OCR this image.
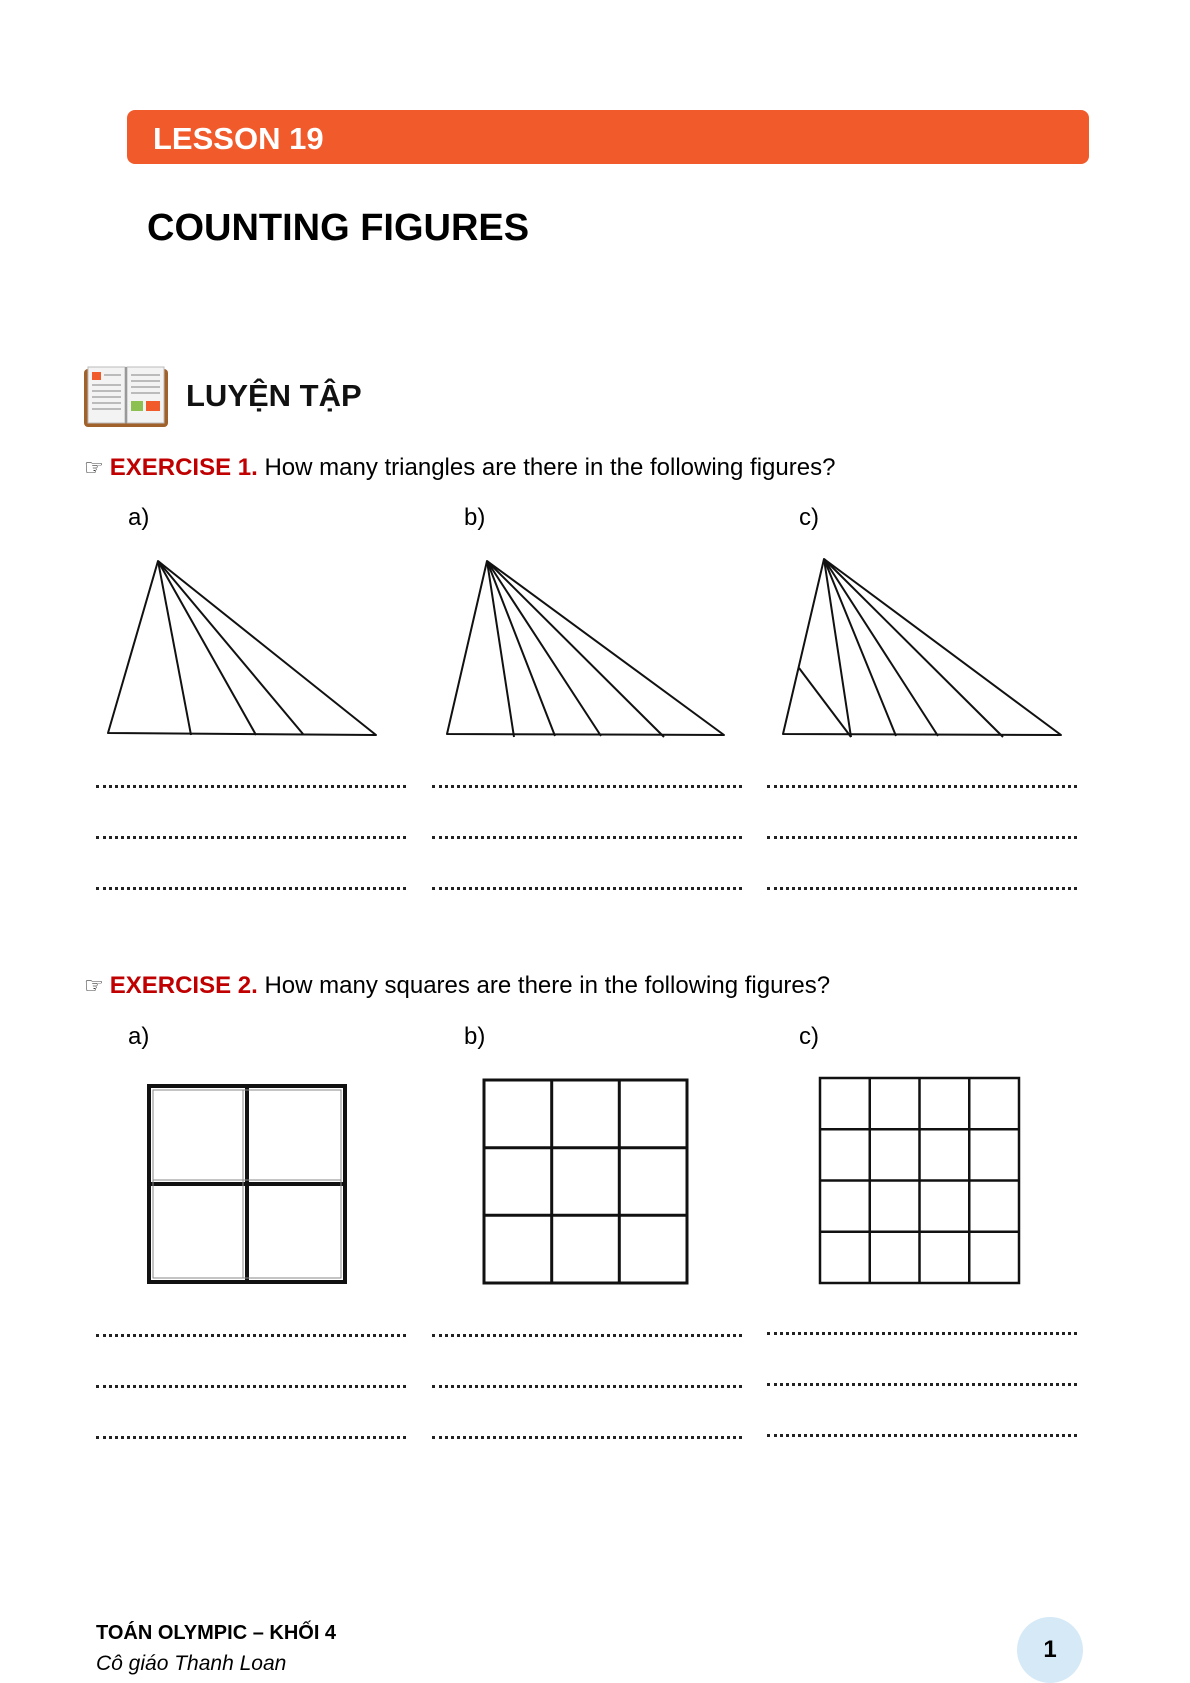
LESSON 19
COUNTING FIGURES
LUYỆN TẬP
☞ EXERCISE 1. How many triangles are there in the following figures?
a)	b)	c)
☞ EXERCISE 2. How many squares are there in the following figures?
a)	b)	c)
TOÁN OLYMPIC – KHỐI 4
Cô giáo Thanh Loan
1
